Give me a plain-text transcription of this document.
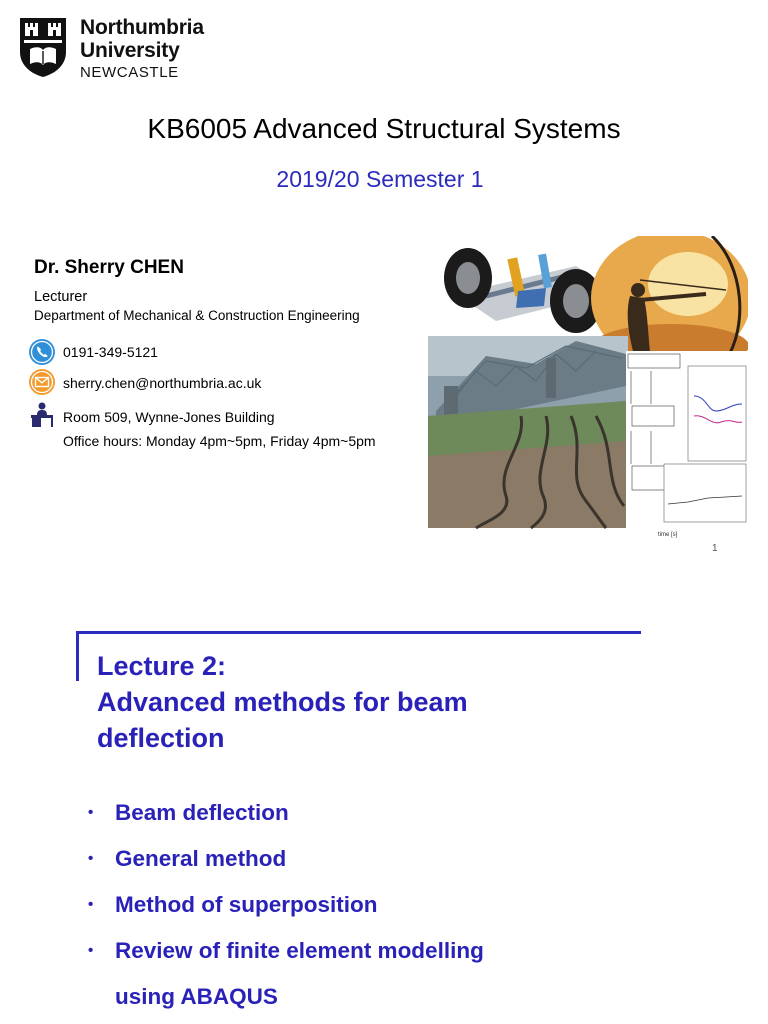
Northumbria
University
NEWCASTLE
KB6005 Advanced Structural Systems
2019/20 Semester 1
Dr. Sherry CHEN
Lecturer
Department of Mechanical & Construction Engineering
0191-349-5121
sherry.chen@northumbria.ac.uk
Room 509, Wynne-Jones Building
Office hours: Monday 4pm~5pm, Friday 4pm~5pm
time [s]
1
Lecture 2:
Advanced methods for beam
deflection
• Beam deflection
• General method
• Method of superposition
• Review of finite element modelling
using ABAQUS
